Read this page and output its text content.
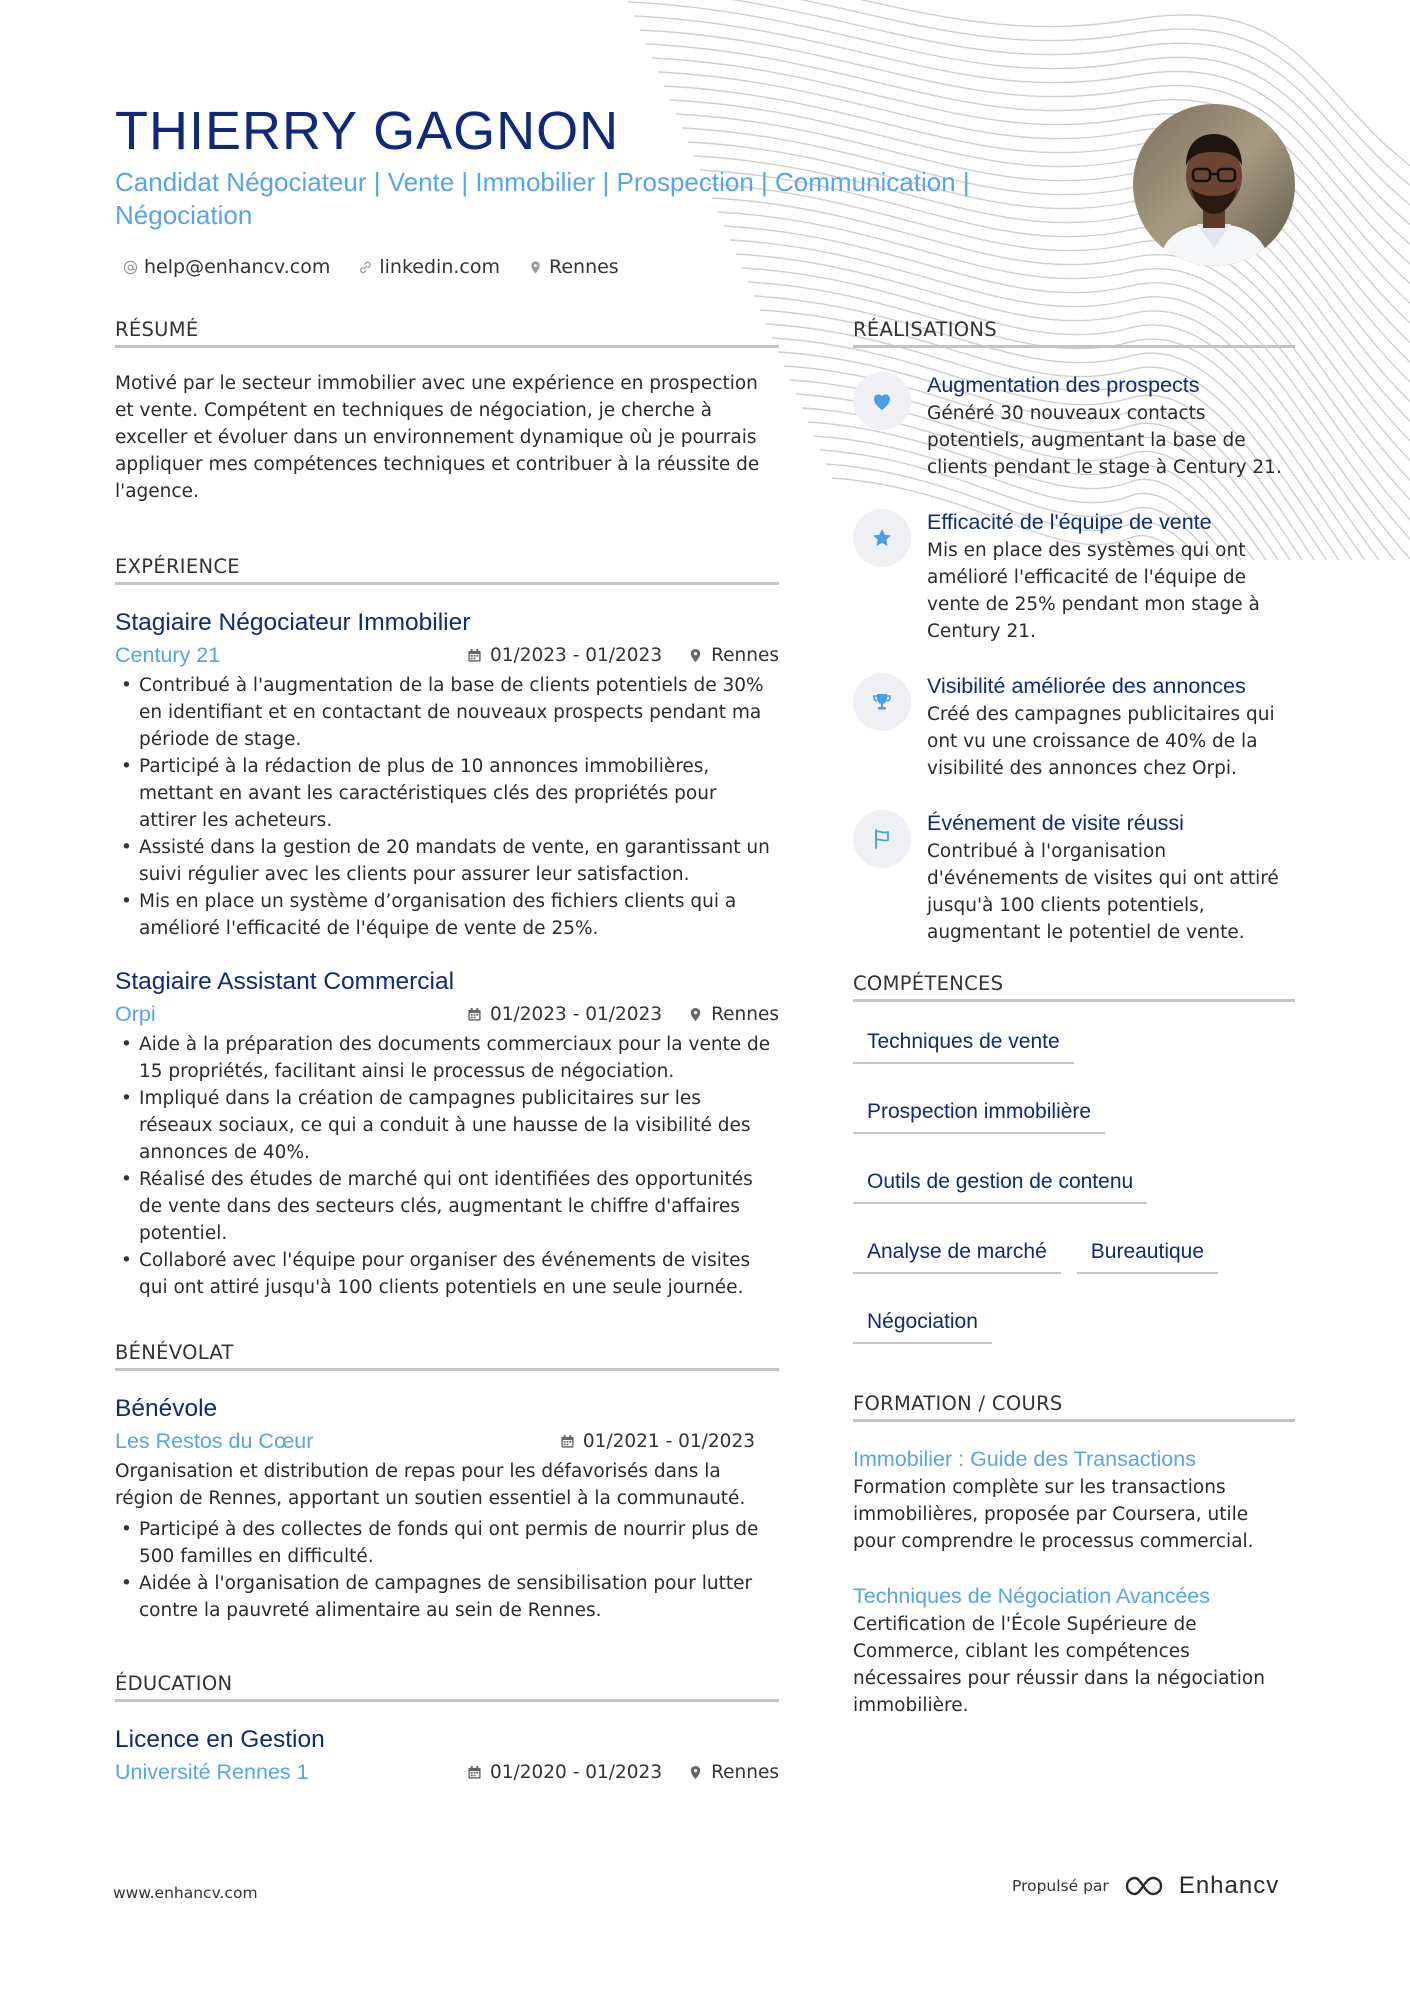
THIERRY GAGNON
Candidat Négociateur | Vente | Immobilier | Prospection | Communication | Négociation
help@enhancv.com	linkedin.com	Rennes
RÉSUMÉ

Motivé par le secteur immobilier avec une expérience en prospection et vente. Compétent en techniques de négociation, je cherche à exceller et évoluer dans un environnement dynamique où je pourrais appliquer mes compétences techniques et contribuer à la réussite de l'agence.

EXPÉRIENCE
Stagiaire Négociateur Immobilier
Century 21	01/2023 - 01/2023	Rennes
• Contribué à l'augmentation de la base de clients potentiels de 30% en identifiant et en contactant de nouveaux prospects pendant ma période de stage.
• Participé à la rédaction de plus de 10 annonces immobilières, mettant en avant les caractéristiques clés des propriétés pour attirer les acheteurs.
• Assisté dans la gestion de 20 mandats de vente, en garantissant un suivi régulier avec les clients pour assurer leur satisfaction.
• Mis en place un système d’organisation des fichiers clients qui a amélioré l'efficacité de l'équipe de vente de 25%.
Stagiaire Assistant Commercial
Orpi	01/2023 - 01/2023	Rennes
• Aide à la préparation des documents commerciaux pour la vente de 15 propriétés, facilitant ainsi le processus de négociation.
• Impliqué dans la création de campagnes publicitaires sur les réseaux sociaux, ce qui a conduit à une hausse de la visibilité des annonces de 40%.
• Réalisé des études de marché qui ont identifiées des opportunités de vente dans des secteurs clés, augmentant le chiffre d'affaires potentiel.
• Collaboré avec l'équipe pour organiser des événements de visites qui ont attiré jusqu'à 100 clients potentiels en une seule journée.
BÉNÉVOLAT
Bénévole
Les Restos du Cœur	01/2021 - 01/2023

Organisation et distribution de repas pour les défavorisés dans la région de Rennes, apportant un soutien essentiel à la communauté.

• Participé à des collectes de fonds qui ont permis de nourrir plus de 500 familles en difficulté.
• Aidée à l'organisation de campagnes de sensibilisation pour lutter contre la pauvreté alimentaire au sein de Rennes.
ÉDUCATION
Licence en Gestion
Université Rennes 1	01/2020 - 01/2023	Rennes
RÉALISATIONS
Augmentation des prospects
Généré 30 nouveaux contacts potentiels, augmentant la base de clients pendant le stage à Century 21.
Efficacité de l'équipe de vente
Mis en place des systèmes qui ont amélioré l'efficacité de l'équipe de vente de 25% pendant mon stage à Century 21.
Visibilité améliorée des annonces
Créé des campagnes publicitaires qui ont vu une croissance de 40% de la visibilité des annonces chez Orpi.
Événement de visite réussi
Contribué à l'organisation d'événements de visites qui ont attiré jusqu'à 100 clients potentiels, augmentant le potentiel de vente.
COMPÉTENCES
Techniques de vente
Prospection immobilière
Outils de gestion de contenu
Analyse de marché	Bureautique
Négociation
FORMATION / COURS
Immobilier : Guide des Transactions
Formation complète sur les transactions immobilières, proposée par Coursera, utile pour comprendre le processus commercial.
Techniques de Négociation Avancées
Certification de l'École Supérieure de Commerce, ciblant les compétences nécessaires pour réussir dans la négociation immobilière.
www.enhancv.com	Propulsé par	Enhancv
